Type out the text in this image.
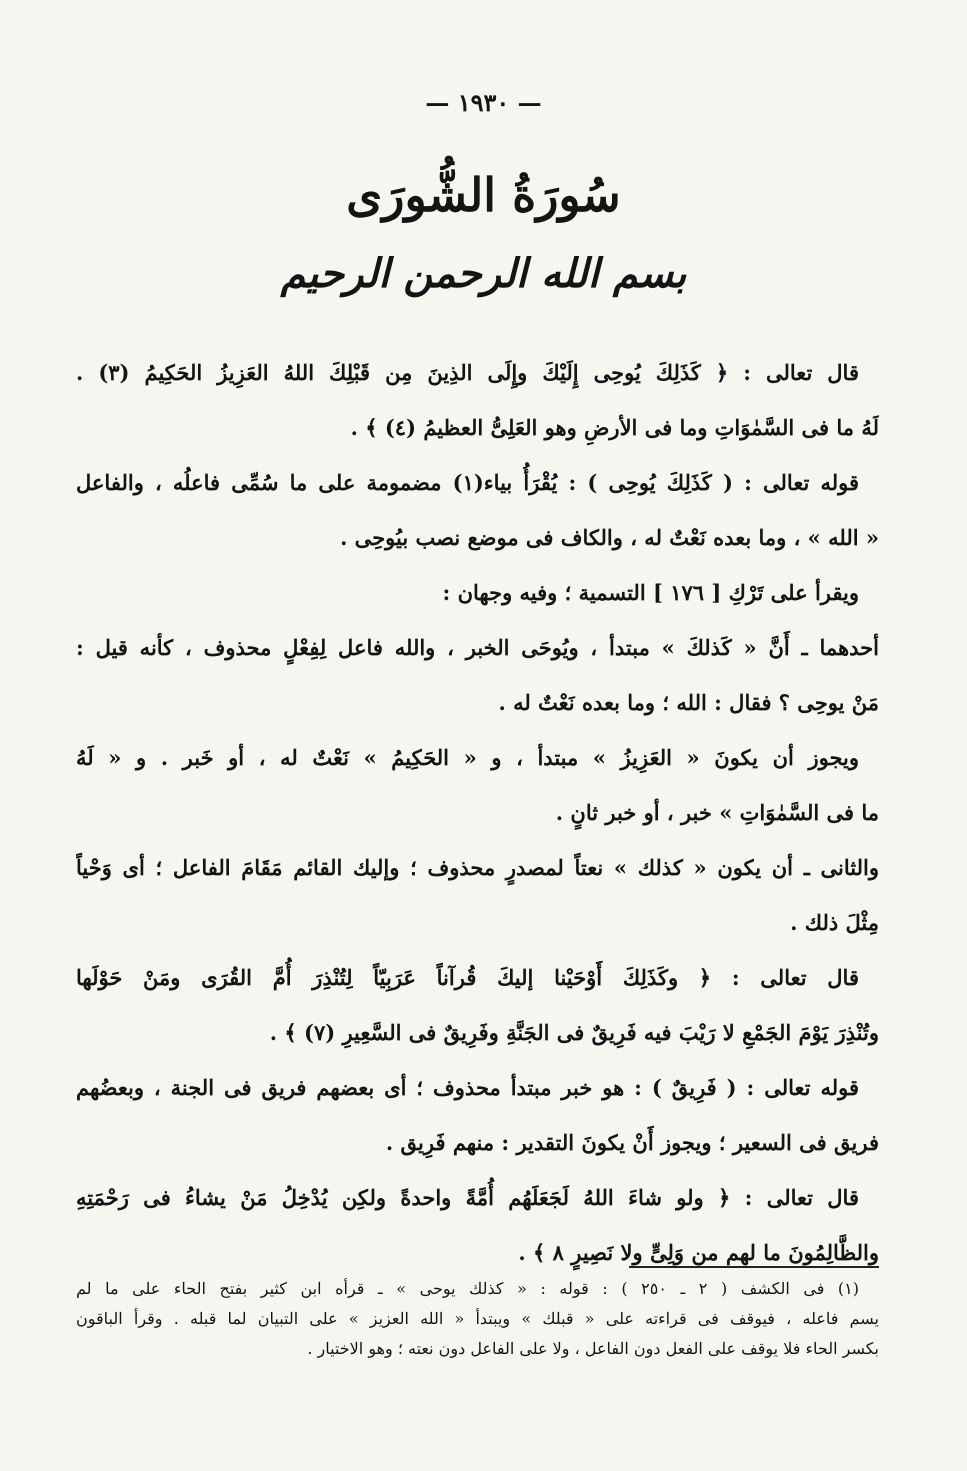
— ١٩٣٠ —
سُورَةُ الشُّورَى
بسم الله الرحمن الرحيم
قال تعالى : ﴿ كَذَلِكَ يُوحِى إِلَيْكَ وإِلَى الذِينَ مِن قَبْلِكَ اللهُ العَزِيزُ الحَكِيمُ (٣) .
لَهُ ما فى السَّمٰوَاتِ وما فى الأرضِ وهو العَلِىُّ العظيمُ (٤) ﴾ .
قوله تعالى : ( كَذَلِكَ يُوحِى ) : يُقْرَأُ بياء(١) مضمومة على ما سُمِّى فاعلُه ، والفاعل
« الله » ، وما بعده نَعْتٌ له ، والكاف فى موضع نصب بيُوحِى .
ويقرأ على تَرْكِ [ ١٧٦ ] التسمية ؛ وفيه وجهان :
أحدهما ـ أَنَّ « كَذلكَ » مبتدأ ، ويُوحَى الخبر ، والله فاعل لِفِعْلٍ محذوف ، كأنه قيل :
مَنْ يوحِى ؟ فقال : الله ؛ وما بعده نَعْتٌ له .
ويجوز أن يكونَ « العَزِيزُ » مبتدأ ، و « الحَكِيمُ » نَعْتٌ له ، أو خَبر . و « لَهُ
ما فى السَّمٰوَاتِ » خبر ، أو خبر ثانٍ .
والثانى ـ أن يكون « كذلك » نعتاً لمصدرٍ محذوف ؛ وإليك القائم مَقَامَ الفاعل ؛ أى وَحْياً
مِثْلَ ذلك .
قال تعالى : ﴿ وكَذَلِكَ أَوْحَيْنا إليكَ قُرآناً عَرَبِيّاً لِتُنْذِرَ أُمَّ القُرَى ومَنْ حَوْلَها
وتُنْذِرَ يَوْمَ الجَمْعِ لا رَيْبَ فيه فَرِيقٌ فى الجَنَّةِ وفَرِيقٌ فى السَّعِيرِ (٧) ﴾ .
قوله تعالى : ( فَرِيقٌ ) : هو خبر مبتدأ محذوف ؛ أى بعضهم فريق فى الجنة ، وبعضُهم
فريق فى السعير ؛ ويجوز أَنْ يكونَ التقدير : منهم فَرِيق .
قال تعالى : ﴿ ولو شاءَ اللهُ لَجَعَلَهُم أُمَّةً واحدةً ولكِن يُدْخِلُ مَنْ يشاءُ فى رَحْمَتِهِ
والظَّالِمُونَ ما لهم من وَلِىٍّ ولا نَصِيرٍ ٨ ﴾ .
(١) فى الكشف ( ٢ ـ ٢٥٠ ) : قوله : « كذلك يوحى » ـ قرأه ابن كثير بفتح الحاء على ما لم
يسم فاعله ، فيوقف فى قراءته على « قبلك » ويبتدأ « الله العزيز » على التبيان لما قبله . وقرأ الباقون
بكسر الحاء فلا يوقف على الفعل دون الفاعل ، ولا على الفاعل دون نعته ؛ وهو الاختيار .
